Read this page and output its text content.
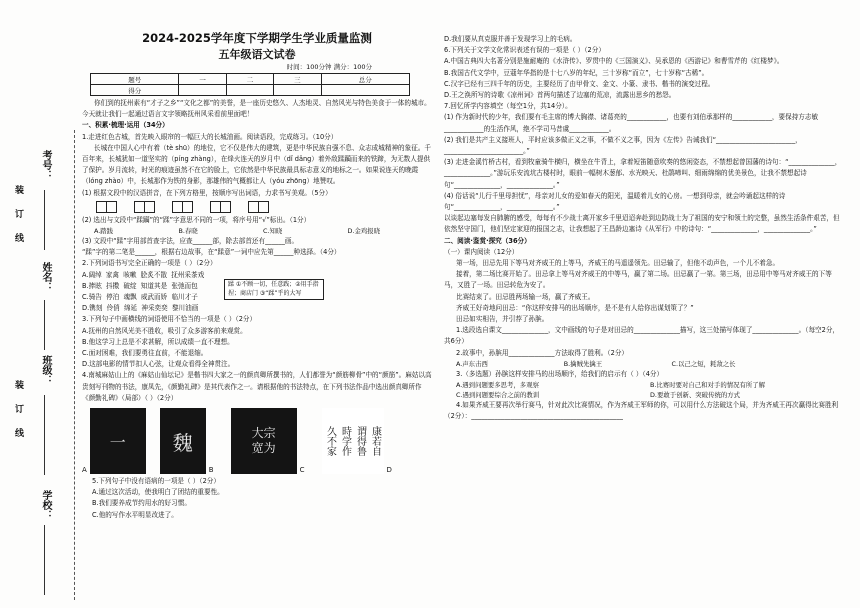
考号：
装 订 线
姓名：
班级：
装 订 线
学校：

2024-2025学年度下学期学生学业质量监测

五年级语文试卷

时间：100分钟 满分：100分
题号	一	二	三	总分
得分				

你们到的抚州素有“才子之乡”“文化之都”的美誉，是一座历史悠久、人杰地灵、自然风光与特色美食于一体的城市。今天就让我们一起通过语言文字领略抚州风采看前里面吧！

一、积累·梳理·运用（34分）

1.走进红色古城，首先映入眼帘的一幅巨大的长城油画。阅读语段，完成练习。（10分）

长城在中国人心中有着（tè shū）的地位，它不仅是伟大的建筑，更是中华民族自强不息、众志成城精神的象征。千百年来，长城犹如一道坚实的（píng zhàng），在烽火连天的岁月中（dǐ dǎng）着外敌蹂躏而来的铁蹄，为无数人提供了保护。岁月流转，时光的痕迹虽然不在它的脸上，它依然是中华民族最具标志意义的地标之一。如果说连天的晚霞（lóng zhào）中，长城那作为铁的身影，那雄伟的气概都让人（yóu zhōng）地赞叹。

(1) 根据文段中的汉语拼音，在下列方格里，按顺序写出词语，力求书写美观。（5分）

(2) 选出与文段中“蹂躏”的“蹂”字意思不同的一项，将序号用“√”标出。（1分）

A.踏践	B.春晓	C.知晓	D.金鸡报晓

(3) 文段中“蹂”字用部首查字法，应查______部，除去部首还有______画。

“蹂”字的第二笔是______，根据右边故事，在“蹂意”一词中应先第______种选择。（4分）

2.下列词语书写完全正确的一项是（ ）（2分）

A.阔绰 家禽 咳嗽 脍炙不散 抚州采茶戏
B.捧眩 抖擞 破绽 知道其是 张弛而包
C.骑告 停泊 魂飘 威武而娇 临川才子
D.镌刻 伶俏 绵延 神采奕奕 黎川油画

3.下列句子中画横线的词语使用不恰当的一项是（ ）（2分）

A.抚州的自然风光美不胜收，吸引了众多游客前来观赏。

B.他这学习上总是不求甚解，所以成绩一直不理想。

C.面对困难，我们要勇往直前，不能退缩。

D.这部电影的情节扣人心弦，让观众看得全神贯注。

4.南城麻姑山上的《麻姑山仙坛记》是楷书四大家之一的颜真卿所撰书的，人们都誉为“颜筋柳骨”中的“颜筋”。麻姑以高贵刻写刊物的书法，康凤先，《颜勤礼碑》是其代表作之一。请根据他的书法特点，在下列书法作品中选出颜真卿所作《颜勤礼碑》（局部）（ ）（2分）

A
一	魏
B
大宗
宽为
C
康若自
谓得鲁
時学作
久不家
D

5.下列句子中没有语病的一项是（ ）（2分）

A.通过这次活动，使我明白了团结的重要性。

B.我们要养成节约用水的好习惯。

C.他的写作水平明显改进了。

蹂 ①不顾一切，任意践；②用手指捏；商店门 ③“蹂”乎的大写

D.我们要从真克服并善于发现学习上的毛病。

6.下列关于文学文化常识表述有误的一项是（ ）（2分）

A.中国古典四大名著分别是施耐庵的《水浒传》、罗贯中的《三国演义》、吴承恩的《西游记》和曹雪芹的《红楼梦》。

B.我国古代文学中，豆蔻年华指的是十七八岁的年纪，三十岁称“而立”，七十岁称“古稀”。

C.汉字已经有三四千年的历史，主要经历了由甲骨文、金文、小篆、隶书、楷书的演变过程。

D.王之涣所写的诗歌《凉州词》首两句描述了边塞的荒凉，流露出思乡的愁怨。

7.回忆所学内容填空（每空1分，共14分）。

(1) 作为新时代的少年，我们要有毛主席的博大胸襟、诸葛亮的____________，也要有刘伯承那样的____________，要保持方志敏____________的生活作风，绝不学司马昔虞____________。

(2) 我们是共产主义接班人，平时应该多做正义之事，不做不义之事，因为《左传》告诫我们“________________________，________________________。”

(3) 走进金溪竹桥古村，看到牧童骑牛横归，横坐在牛背上，拿着短笛随意吹奏的悠闲姿态，不禁想起曾国藩的诗句：“______________，______________。”游玩乐安流坑古楼村时，眼前一幅树木葱郁、水光映天、杜鹃啼叫、细雨绵绵的优美景色，让我不禁想起诗句“______________，______________。”

(4) 俗话说“儿行千里母担忧”，母亲对儿女的爱如春天的阳光，温暖着儿女的心房。一想到母亲，就会吟诵起这样的诗句“______________，______________。”

以谈起边塞每发自肺腑的感受，每每有不少战士离开家乡千里迢迢奔赴到边防战士为了祖国的安宁和领土的完整，虽然生活条件艰苦，但依然坚守国门，他们坚定家迎的报国之志，让我想起了王昌龄边塞诗《从军行》中的诗句：“______________，______________。”

二、阅读·鉴赏·探究（36分）

（一）课内阅读（12分）

第一场，田忌先用下等马对齐威王的上等马，齐威王的马遥遥领先。田忌输了，但他不动声色，一个儿不着急。

接着，第二场比赛开始了。田忌拿上等马对齐威王的中等马，赢了第二场。田忌赢了一第。第三场，田忌用中等马对齐威王的下等马，又胜了一场。田忌转危为安了。

比赛结束了。田忌胜两场输一场，赢了齐威王。

齐威王好奇地问田忌：“你这样安排马的出场顺序，是不是有人给你出谋划策了？”

田忌如实相告，并引荐了孙膑。

1.选段选自课文______________，文中画线的句子是对田忌的______________描写，这三处描写体现了______________。（每空2分，共6分）

2.故事中，孙膑用______________方法取得了胜利。（2分）

A.声东击西	B.擒贼先擒王	C.以己之短，耗敌之长

3.（多选题）孙膑这样安排马的出场顺序，给我们的启示有（ ）（4分）

A.遇到问题要多思考，多观察	B.比赛时要对自己和对手的情况有所了解
C.遇到问题要综合之前的教训	D.要敢于创新、突破传统的方式

4.如果齐威王要再次举行赛马，针对此次比赛情况，作为齐威王军师的你，可以用什么方法破这个局，并为齐威王再次赢得比赛胜利（2分）：______________________________________________
